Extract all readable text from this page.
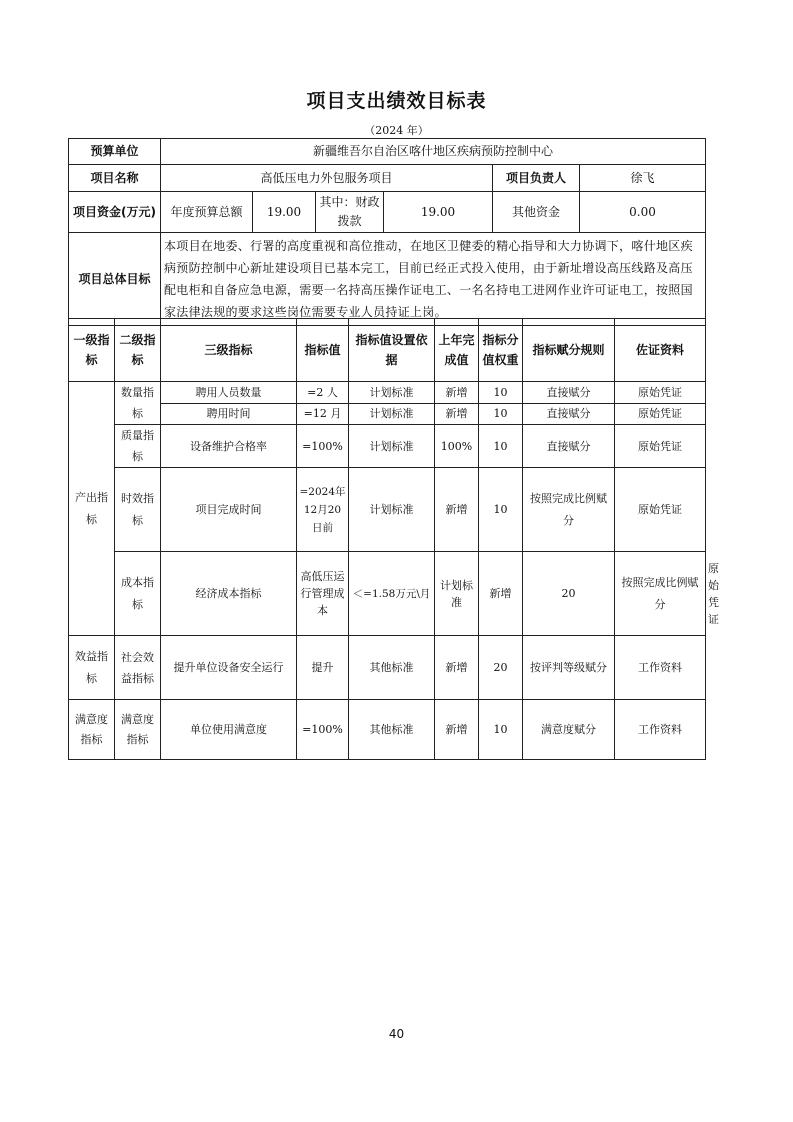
项目支出绩效目标表
（2024 年）
预算单位	新疆维吾尔自治区喀什地区疾病预防控制中心					
项目名称	高低压电力外包服务项目				项目负责人	徐飞
项目资金(万元)	年度预算总额	19.00	其中：财政拨款	19.00	其他资金	0.00
项目总体目标	本项目在地委、行署的高度重视和高位推动，在地区卫健委的精心指导和大力协调下，喀什地区疾病预防控制中心新址建设项目已基本完工，目前已经正式投入使用，由于新址增设高压线路及高压配电柜和自备应急电源，需要一名持高压操作证电工、一名名持电工进网作业许可证电工，按照国家法律法规的要求这些岗位需要专业人员持证上岗。					
一级指标	二级指标	三级指标	指标值	指标值设置依据	上年完成值	指标分值权重	指标赋分规则	佐证资料	
产出指标	数量指标	聘用人员数量	=2 人	计划标准	新增	10	直接赋分	原始凭证	
		聘用时间	=12 月	计划标准	新增	10	直接赋分	原始凭证	
	质量指标	设备维护合格率	=100%	计划标准	100%	10	直接赋分	原始凭证	
	时效指标	项目完成时间	=2024年12月20日前	计划标准	新增	10	按照完成比例赋分	原始凭证	
	成本指标	经济成本指标	高低压运行管理成本	＜=1.58万元\月	计划标准	新增	20	按照完成比例赋分	原始凭证
效益指标	社会效益指标	提升单位设备安全运行	提升	其他标准	新增	20	按评判等级赋分	工作资料	
满意度指标	满意度指标	单位使用满意度	=100%	其他标准	新增	10	满意度赋分	工作资料	
40
